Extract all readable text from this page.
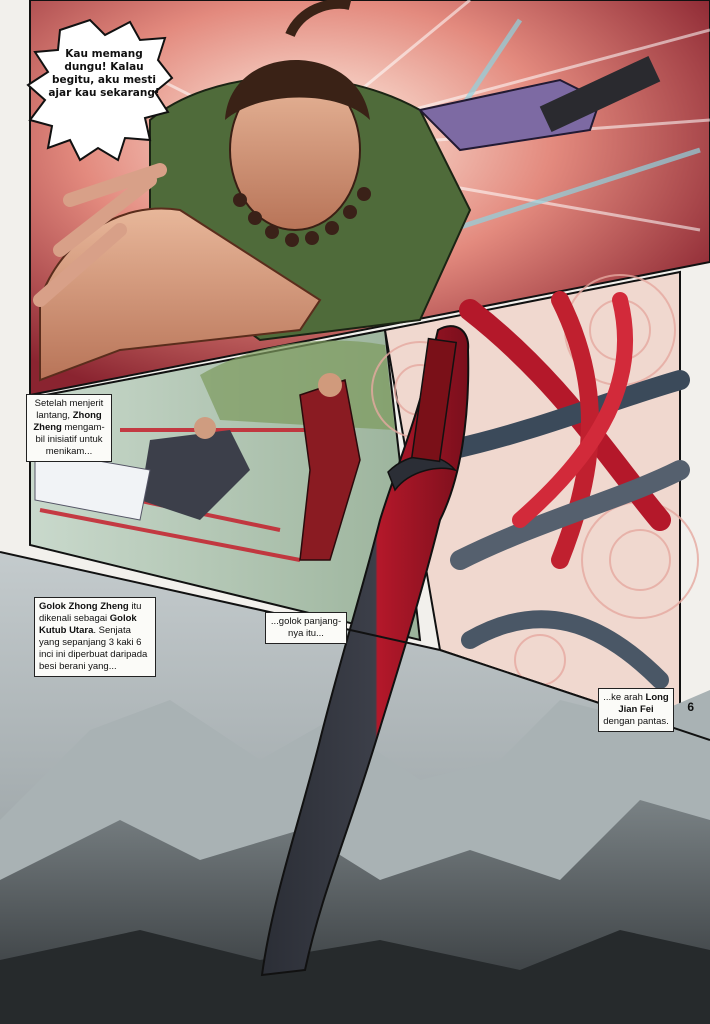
Kau memang dungu! Kalau begitu, aku mesti ajar kau sekarang!
Setelah menjerit lantang, Zhong Zheng mengam-bil inisiatif untuk menikam...
Golok Zhong Zheng itu dikenali sebagai Golok Kutub Utara. Senjata yang sepanjang 3 kaki 6 inci ini diperbuat daripada besi berani yang...
...golok panjang-nya itu...
...ke arah Long Jian Fei dengan pantas.
6
